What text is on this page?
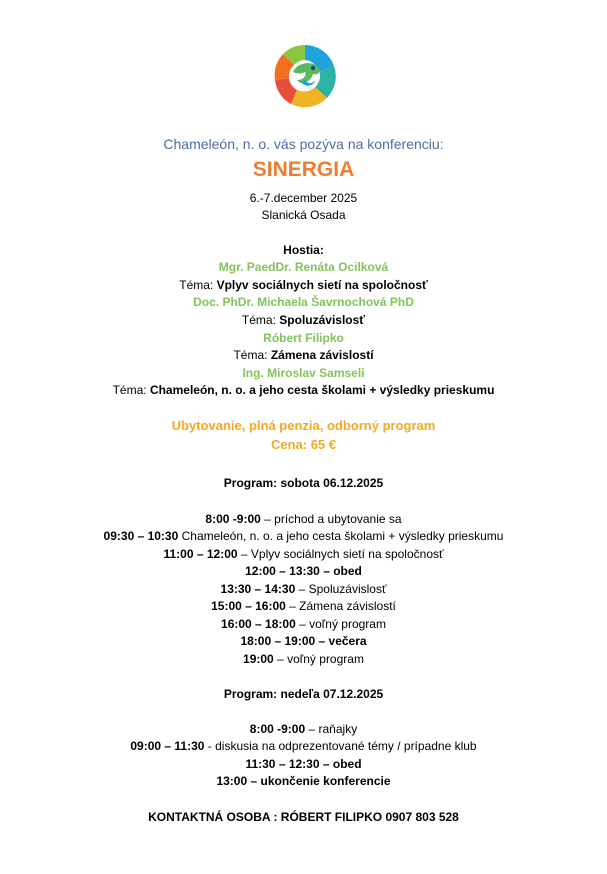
Chameleón, n. o. vás pozýva na konferenciu:
SINERGIA
6.-7.december 2025
Slanická Osada
Hostia:
Mgr. PaedDr. Renáta Ocilková
Téma: Vplyv sociálnych sietí na spoločnosť
Doc. PhDr. Michaela Šavrnochová PhD
Téma: Spoluzávislosť
Róbert Filipko
Téma: Zámena závislostí
Ing. Miroslav Samseli
Téma: Chameleón, n. o. a jeho cesta školami + výsledky prieskumu
Ubytovanie, plná penzia, odborný program
Cena: 65 €
Program: sobota 06.12.2025
8:00 -9:00 – príchod a ubytovanie sa
09:30 – 10:30 Chameleón, n. o. a jeho cesta školami + výsledky prieskumu
11:00 – 12:00 – Vplyv sociálnych sietí na spoločnosť
12:00 – 13:30 – obed
13:30 – 14:30 – Spoluzávislosť
15:00 – 16:00 – Zámena závislostí
16:00 – 18:00 – voľný program
18:00 – 19:00 – večera
19:00 – voľný program
Program: nedeľa 07.12.2025
8:00 -9:00 – raňajky
09:00 – 11:30 - diskusia na odprezentované témy / prípadne klub
11:30 – 12:30 – obed
13:00 – ukončenie konferencie
KONTAKTNÁ OSOBA : RÓBERT FILIPKO 0907 803 528
